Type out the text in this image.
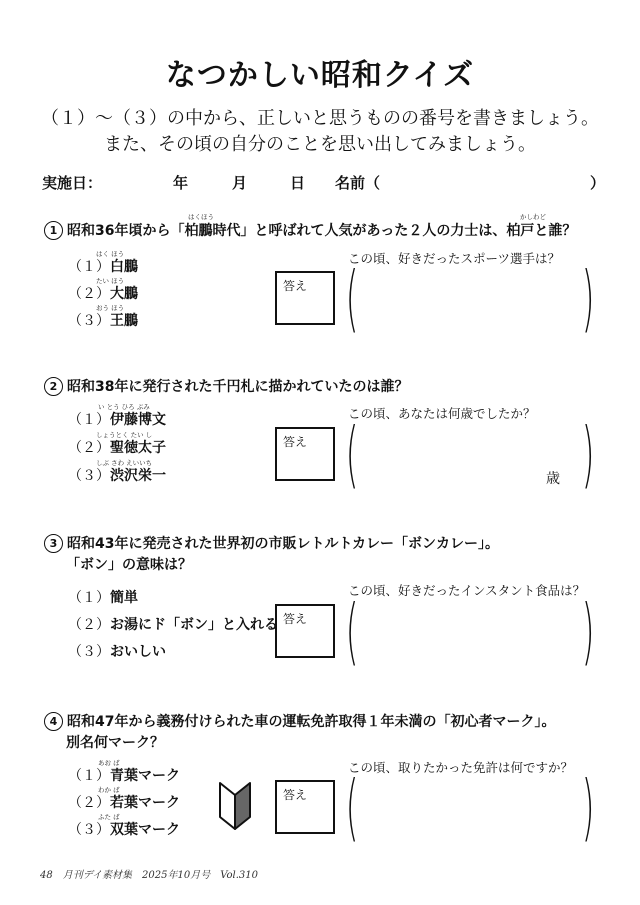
なつかしい昭和クイズ
（１）〜（３）の中から、正しいと思うものの番号を書きましょう。
また、その頃の自分のことを思い出してみましょう。
実施日：	年	月	日 名前（	）
1 昭和36年頃から「柏鵬時代」と呼ばれて人気があった２人の力士は、柏戸と誰？
はくほう	かしわど
（１）白鵬
はく ほう
（２）大鵬
たい ほう
（３）王鵬
おう ほう
答え
この頃、好きだったスポーツ選手は？
(	)
2 昭和38年に発行された千円札に描かれていたのは誰？
（１）伊藤博文
い とう ひろ ぶみ
（２）聖徳太子
しょうとく たい し
（３）渋沢栄一
しぶ さわ えいいち
答え
この頃、あなたは何歳でしたか？
(	)
歳
3 昭和43年に発売された世界初の市販レトルトカレー「ボンカレー」。
「ボン」の意味は？
（１）簡単
（２）お湯にド「ボン」と入れる
（３）おいしい
答え
この頃、好きだったインスタント食品は？
(	)
4 昭和47年から義務付けられた車の運転免許取得１年未満の「初心者マーク」。
別名何マーク？
（１）青葉マーク
あお ば
（２）若葉マーク
わか ば
（３）双葉マーク
ふた ば
答え
この頃、取りたかった免許は何ですか？
(	)
48　月刊デイ素材集　2025年10月号　Vol.310
